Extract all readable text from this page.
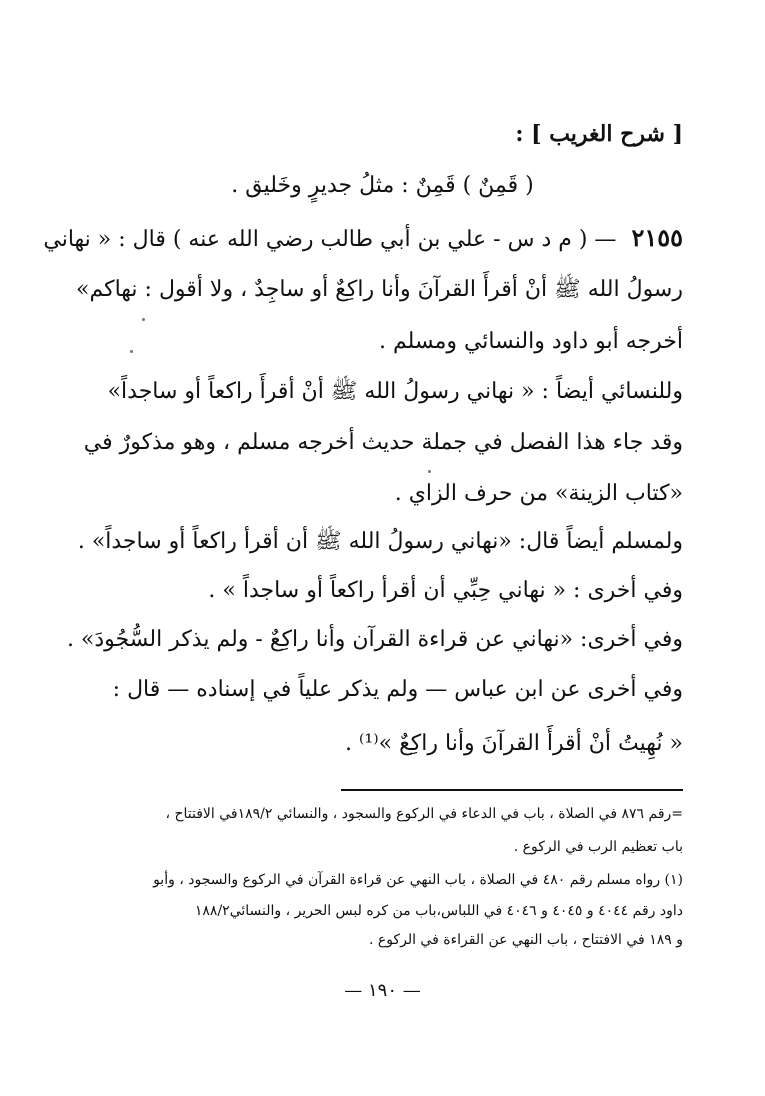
[ شرح الغريب ] :
( قَمِنٌ ) قَمِنٌ : مثلُ جديرٍ وخَليق .
٢١٥٥ — ( م د س - علي بن أبي طالب رضي الله عنه ) قال : « نهاني
رسولُ الله ﷺ أنْ أقرأَ القرآنَ وأنا راكِعٌ أو ساجِدٌ ، ولا أقول : نهاكم»
أخرجه أبو داود والنسائي ومسلم .
وللنسائي أيضاً : « نهاني رسولُ الله ﷺ أنْ أقرأَ راكعاً أو ساجداً»
وقد جاء هذا الفصل في جملة حديث أخرجه مسلم ، وهو مذكورٌ في
«كتاب الزينة» من حرف الزاي .
ولمسلم أيضاً قال: «نهاني رسولُ الله ﷺ أن أقرأ راكعاً أو ساجداً» .
وفي أخرى : « نهاني حِبِّي أن أقرأ راكعاً أو ساجداً » .
وفي أخرى: «نهاني عن قراءة القرآن وأنا راكِعٌ - ولم يذكر السُّجُودَ» .
وفي أخرى عن ابن عباس — ولم يذكر علياً في إسناده — قال :
« نُهِيتُ أنْ أقرأَ القرآنَ وأنا راكِعٌ »⁽¹⁾ .
=رقم ٨٧٦ في الصلاة ، باب في الدعاء في الركوع والسجود ، والنسائي ١٨٩/٢في الافتتاح ،
باب تعظيم الرب في الركوع .
(١) رواه مسلم رقم ٤٨٠ في الصلاة ، باب النهي عن قراءة القرآن في الركوع والسجود ، وأبو
داود رقم ٤٠٤٤ و ٤٠٤٥ و ٤٠٤٦ في اللباس،باب من كره لبس الحرير ، والنسائي١٨٨/٢
و ١٨٩ في الافتتاح ، باب النهي عن القراءة في الركوع .
— ١٩٠ —
